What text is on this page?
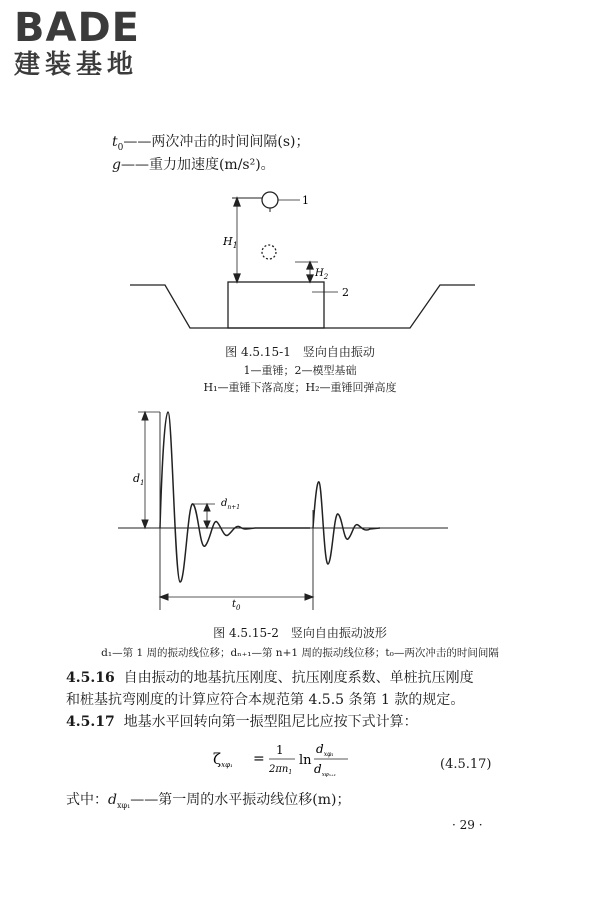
BADE
建装基地
$t_0——$两次冲击的时间间隔(s)；
g——重力加速度(m/s²)。
1
2
$H_1$
$H_2$
图 4.5.15-1　竖向自由振动
1—重锤；2—模型基础
H₁—重锤下落高度；H₂—重锤回弹高度
$d_1$
$d_{n+1}$
$t_0$
图 4.5.15-2　竖向自由振动波形
d₁—第 1 周的振动线位移；dₙ₊₁—第 n+1 周的振动线位移；t₀—两次冲击的时间间隔
4.5.16 自由振动的地基抗压刚度、抗压刚度系数、单桩抗压刚度
和桩基抗弯刚度的计算应符合本规范第 4.5.5 条第 1 款的规定。
4.5.17 地基水平回转向第一振型阻尼比应按下式计算：
$\zeta_{x\varphi_1}$ =
1
$2\pi n_1$
ln
$d_{x\varphi_1}$
$d_{x\varphi_{n+1}}$
(4.5.17)
式中：$d_{x\varphi_1}——$第一周的水平振动线位移(m)；
· 29 ·
